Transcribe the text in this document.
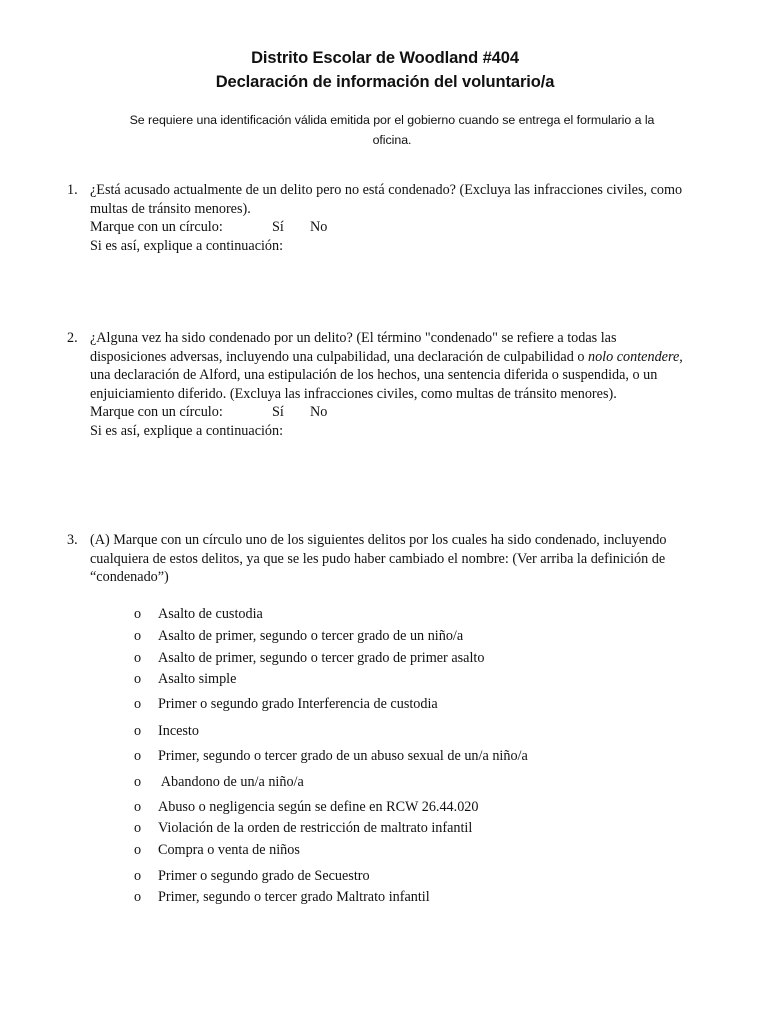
Distrito Escolar de Woodland #404
Declaración de información del voluntario/a
Se requiere una identificación válida emitida por el gobierno cuando se entrega el formulario a la
oficina.
1. ¿Está acusado actualmente de un delito pero no está condenado? (Excluya las infracciones civiles, como
multas de tránsito menores).
Marque con un círculo:	Sí No
Si es así, explique a continuación:
2. ¿Alguna vez ha sido condenado por un delito? (El término "condenado" se refiere a todas las
disposiciones adversas, incluyendo una culpabilidad, una declaración de culpabilidad o nolo contendere,
una declaración de Alford, una estipulación de los hechos, una sentencia diferida o suspendida, o un
enjuiciamiento diferido. (Excluya las infracciones civiles, como multas de tránsito menores).
Marque con un círculo:	Sí No
Si es así, explique a continuación:
3. (A) Marque con un círculo uno de los siguientes delitos por los cuales ha sido condenado, incluyendo
cualquiera de estos delitos, ya que se les pudo haber cambiado el nombre: (Ver arriba la definición de
“condenado”)
o Asalto de custodia
o Asalto de primer, segundo o tercer grado de un niño/a
o Asalto de primer, segundo o tercer grado de primer asalto
o Asalto simple
o Primer o segundo grado Interferencia de custodia
o Incesto
o Primer, segundo o tercer grado de un abuso sexual de un/a niño/a
o Abandono de un/a niño/a
o Abuso o negligencia según se define en RCW 26.44.020
o Violación de la orden de restricción de maltrato infantil
o Compra o venta de niños
o Primer o segundo grado de Secuestro
o Primer, segundo o tercer grado Maltrato infantil
